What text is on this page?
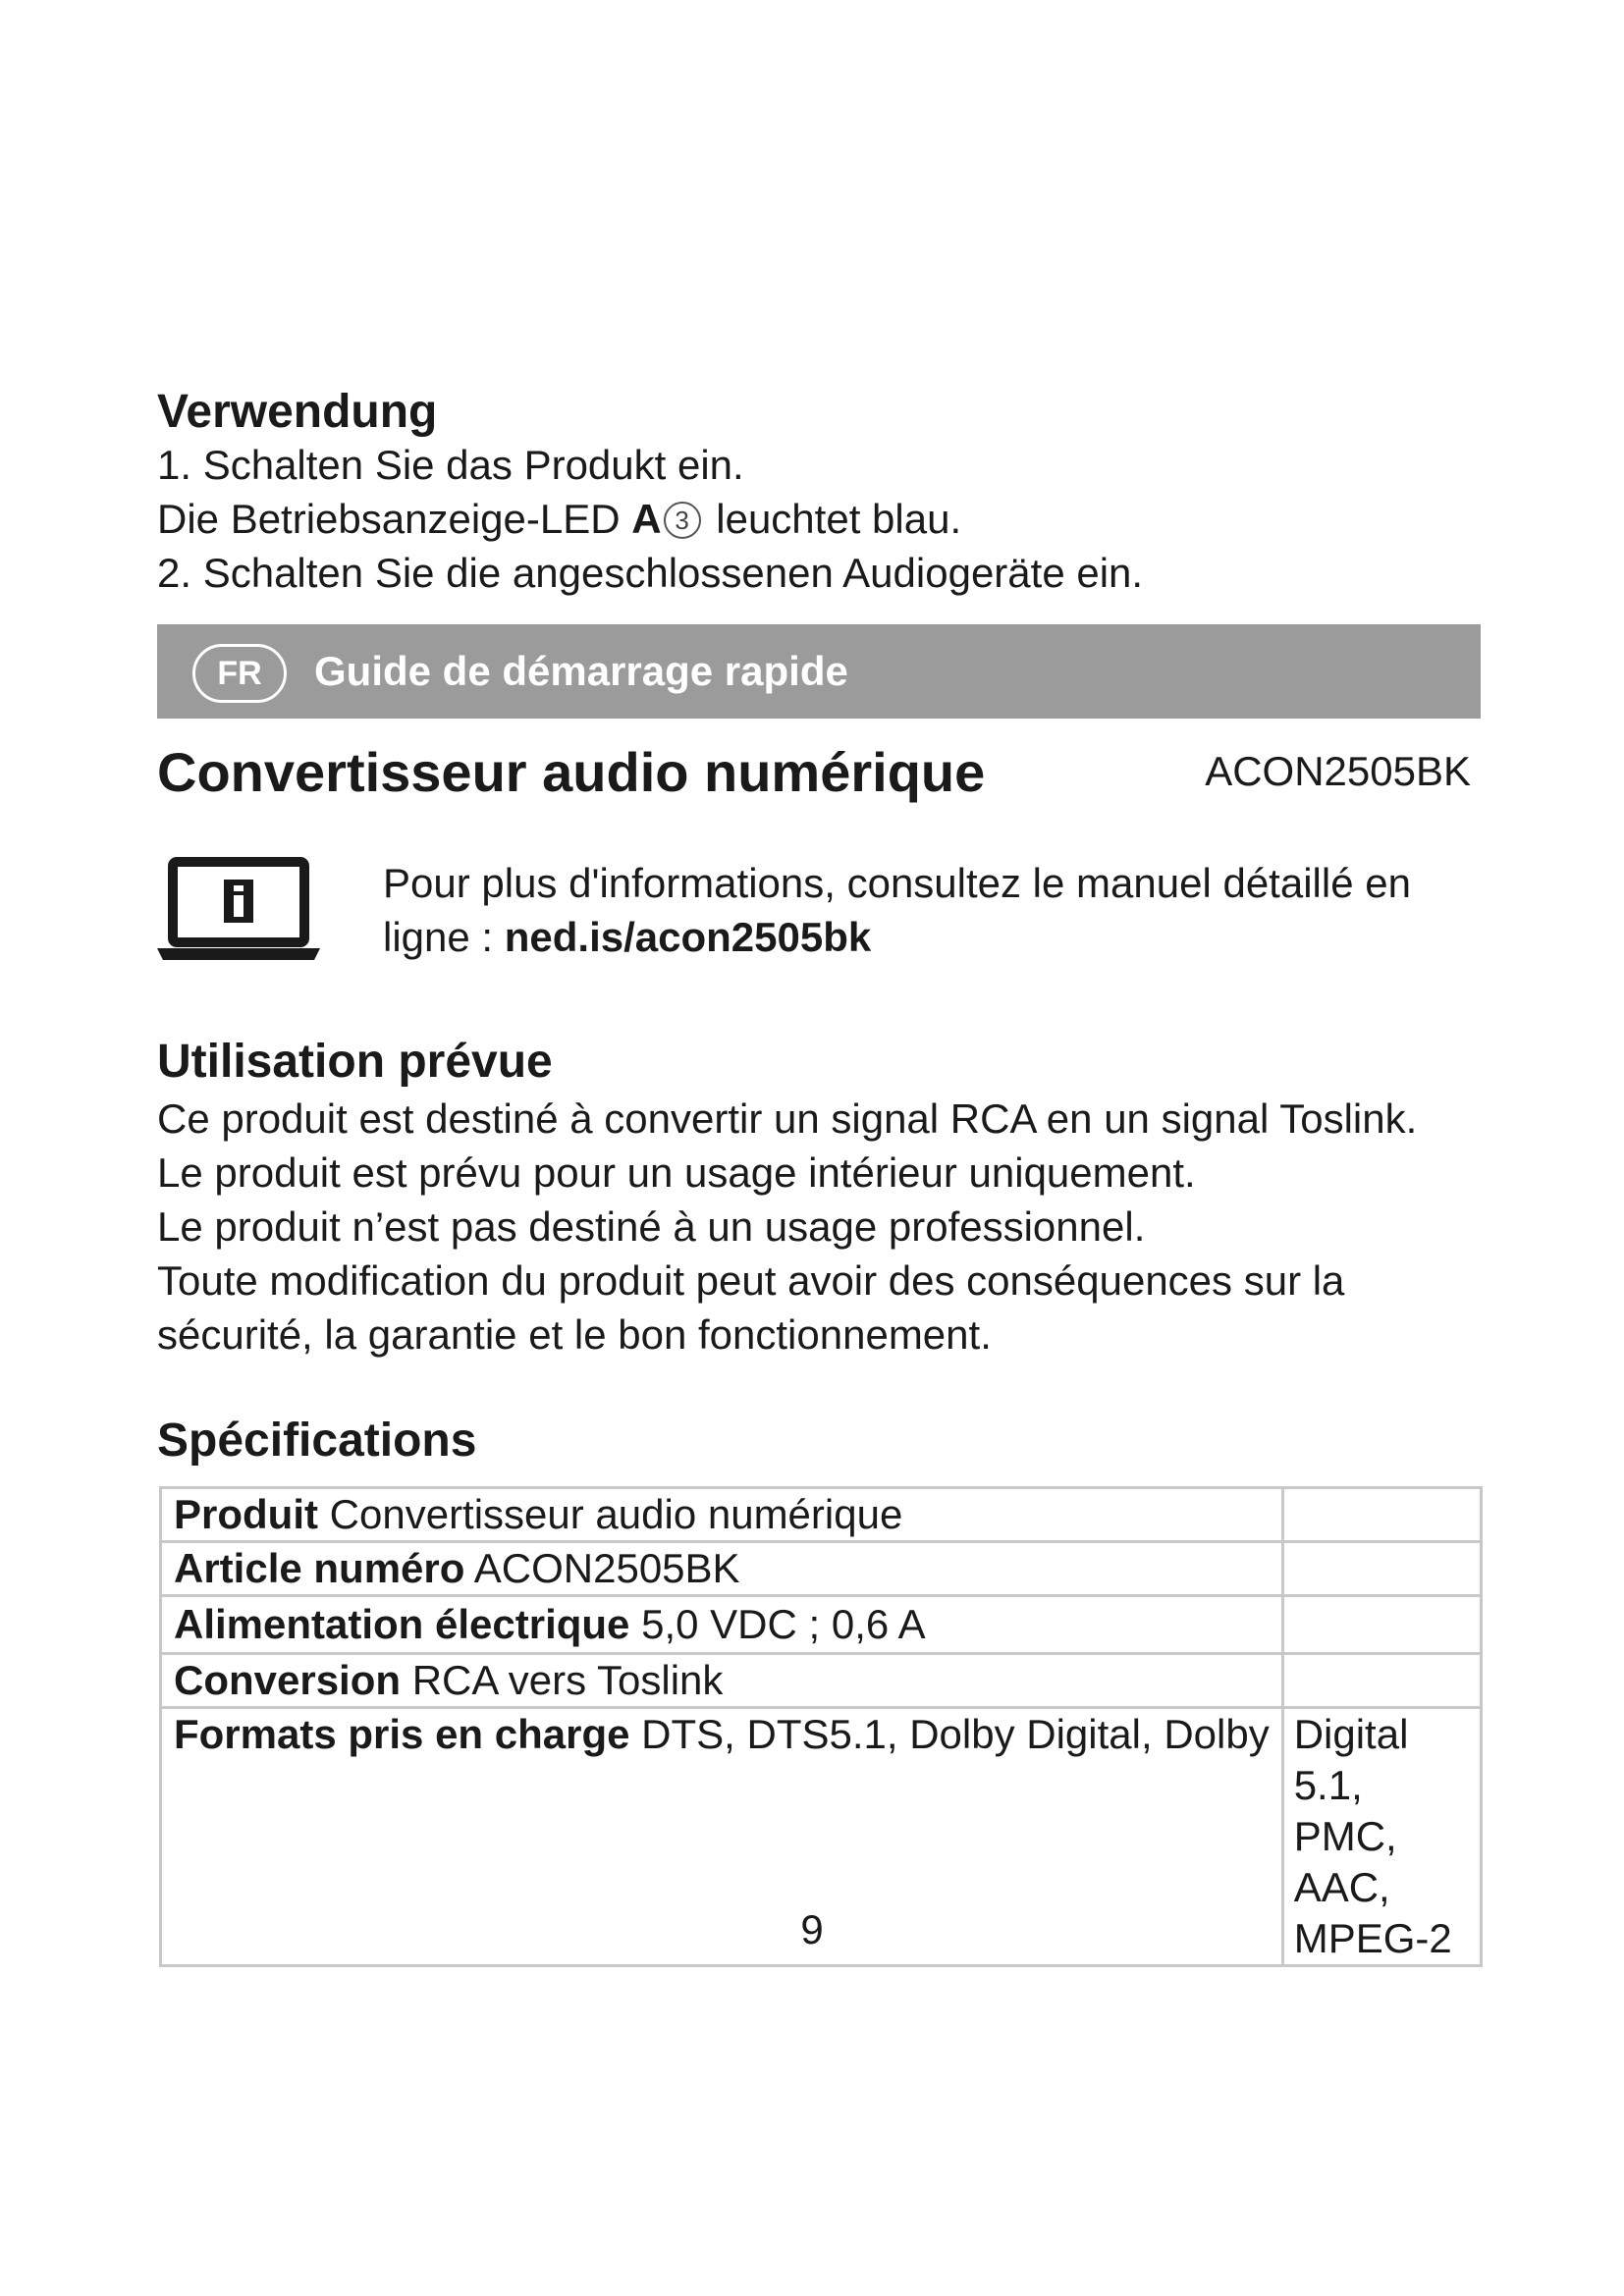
Verwendung
1. Schalten Sie das Produkt ein.
Die Betriebsanzeige-LED A 3 leuchtet blau.
2. Schalten Sie die angeschlossenen Audiogeräte ein.
FR	Guide de démarrage rapide
Convertisseur audio numérique	ACON2505BK
Pour plus d'informations, consultez le manuel détaillé en
ligne : ned.is/acon2505bk
Utilisation prévue
Ce produit est destiné à convertir un signal RCA en un signal Toslink.
Le produit est prévu pour un usage intérieur uniquement.
Le produit n’est pas destiné à un usage professionnel.
Toute modification du produit peut avoir des conséquences sur la
sécurité, la garantie et le bon fonctionnement.
Spécifications
Produit Convertisseur audio numérique	

Article numéro ACON2505BK	

Alimentation électrique 5,0 VDC ; 0,6 A	

Conversion RCA vers Toslink	

Formats pris en charge DTS, DTS5.1, Dolby Digital, Dolby	Digital 5.1, PMC, AAC, MPEG-2
9
